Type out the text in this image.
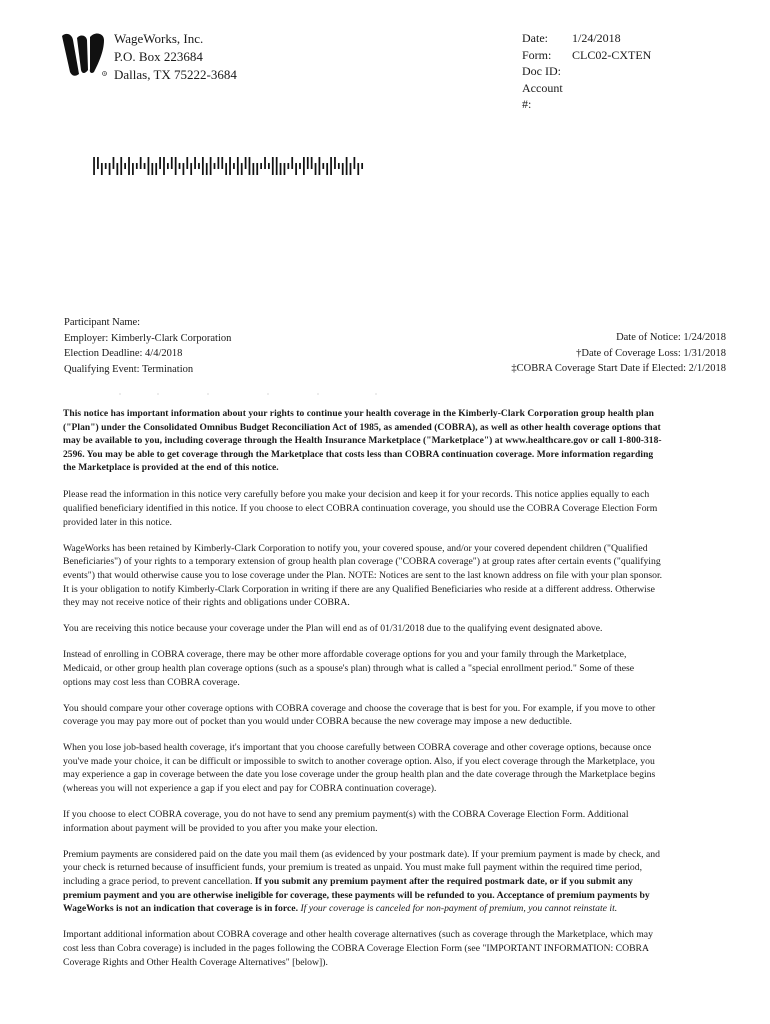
R
WageWorks, Inc.
P.O. Box 223684
Dallas, TX 75222-3684
Date: 1/24/2018
Form: CLC02-CXTEN
Doc ID:
Account #:
Participant Name:
Employer: Kimberly-Clark Corporation
Election Deadline: 4/4/2018
Qualifying Event: Termination
Date of Notice: 1/24/2018
†Date of Coverage Loss: 1/31/2018
‡COBRA Coverage Start Date if Elected: 2/1/2018

This notice has important information about your rights to continue your health coverage in the Kimberly-Clark Corporation group health plan ("Plan") under the Consolidated Omnibus Budget Reconciliation Act of 1985, as amended (COBRA), as well as other health coverage options that may be available to you, including coverage through the Health Insurance Marketplace ("Marketplace") at www.healthcare.gov or call 1-800-318-2596. You may be able to get coverage through the Marketplace that costs less than COBRA continuation coverage. More information regarding the Marketplace is provided at the end of this notice.

Please read the information in this notice very carefully before you make your decision and keep it for your records. This notice applies equally to each qualified beneficiary identified in this notice. If you choose to elect COBRA continuation coverage, you should use the COBRA Coverage Election Form provided later in this notice.

WageWorks has been retained by Kimberly-Clark Corporation to notify you, your covered spouse, and/or your covered dependent children ("Qualified Beneficiaries") of your rights to a temporary extension of group health plan coverage ("COBRA coverage") at group rates after certain events ("qualifying events") that would otherwise cause you to lose coverage under the Plan. NOTE: Notices are sent to the last known address on file with your plan sponsor. It is your obligation to notify Kimberly-Clark Corporation in writing if there are any Qualified Beneficiaries who reside at a different address. Otherwise they may not receive notice of their rights and obligations under COBRA.

You are receiving this notice because your coverage under the Plan will end as of 01/31/2018 due to the qualifying event designated above.

Instead of enrolling in COBRA coverage, there may be other more affordable coverage options for you and your family through the Marketplace, Medicaid, or other group health plan coverage options (such as a spouse's plan) through what is called a "special enrollment period." Some of these options may cost less than COBRA coverage.

You should compare your other coverage options with COBRA coverage and choose the coverage that is best for you. For example, if you move to other coverage you may pay more out of pocket than you would under COBRA because the new coverage may impose a new deductible.

When you lose job-based health coverage, it's important that you choose carefully between COBRA coverage and other coverage options, because once you've made your choice, it can be difficult or impossible to switch to another coverage option. Also, if you elect coverage through the Marketplace, you may experience a gap in coverage between the date you lose coverage under the group health plan and the date coverage through the Marketplace begins (whereas you will not experience a gap if you elect and pay for COBRA continuation coverage).

If you choose to elect COBRA coverage, you do not have to send any premium payment(s) with the COBRA Coverage Election Form. Additional information about payment will be provided to you after you make your election.

Premium payments are considered paid on the date you mail them (as evidenced by your postmark date). If your premium payment is made by check, and your check is returned because of insufficient funds, your premium is treated as unpaid. You must make full payment within the required time period, including a grace period, to prevent cancellation. If you submit any premium payment after the required postmark date, or if you submit any premium payment and you are otherwise ineligible for coverage, these payments will be refunded to you. Acceptance of premium payments by WageWorks is not an indication that coverage is in force. If your coverage is canceled for non-payment of premium, you cannot reinstate it.

Important additional information about COBRA coverage and other health coverage alternatives (such as coverage through the Marketplace, which may cost less than Cobra coverage) is included in the pages following the COBRA Coverage Election Form (see "IMPORTANT INFORMATION: COBRA Coverage Rights and Other Health Coverage Alternatives" [below]).
